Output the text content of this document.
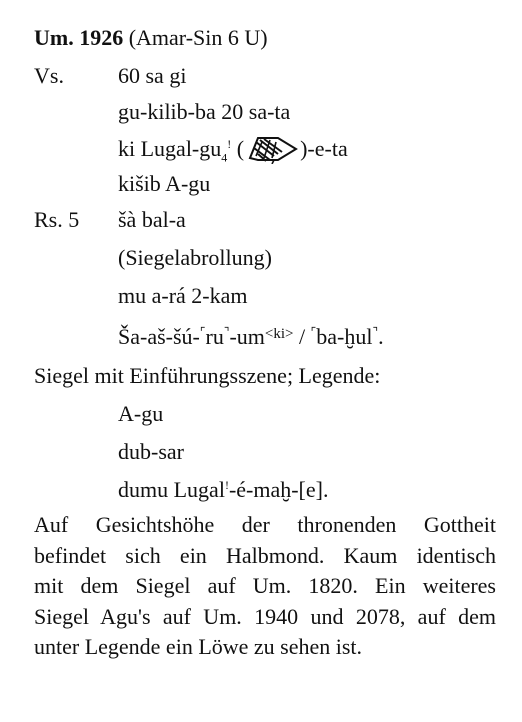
Um. 1926 (Amar-Sin 6 U)
Vs. 60 sa gi
gu-kilib-ba 20 sa-ta
ki Lugal-$gu_4^!$ (	)-e-ta
kišib A-gu
Rs. 5 šà bal-a
(Siegelabrollung)
mu a-rá 2-kam
$Ša-aš-šú-^⌜ru^⌝-um^{<ki>}$ / ⌜ba-ḫul⌝.
Siegel mit Einführungsszene; Legende:
A-gu
dub-sar
dumu Lugal!-é-maḫ-[e].
Auf Gesichtshöhe der thronenden Gottheit
befindet sich ein Halbmond. Kaum identisch
mit dem Siegel auf Um. 1820. Ein weiteres
Siegel Agu's auf Um. 1940 und 2078, auf dem
unter Legende ein Löwe zu sehen ist.
